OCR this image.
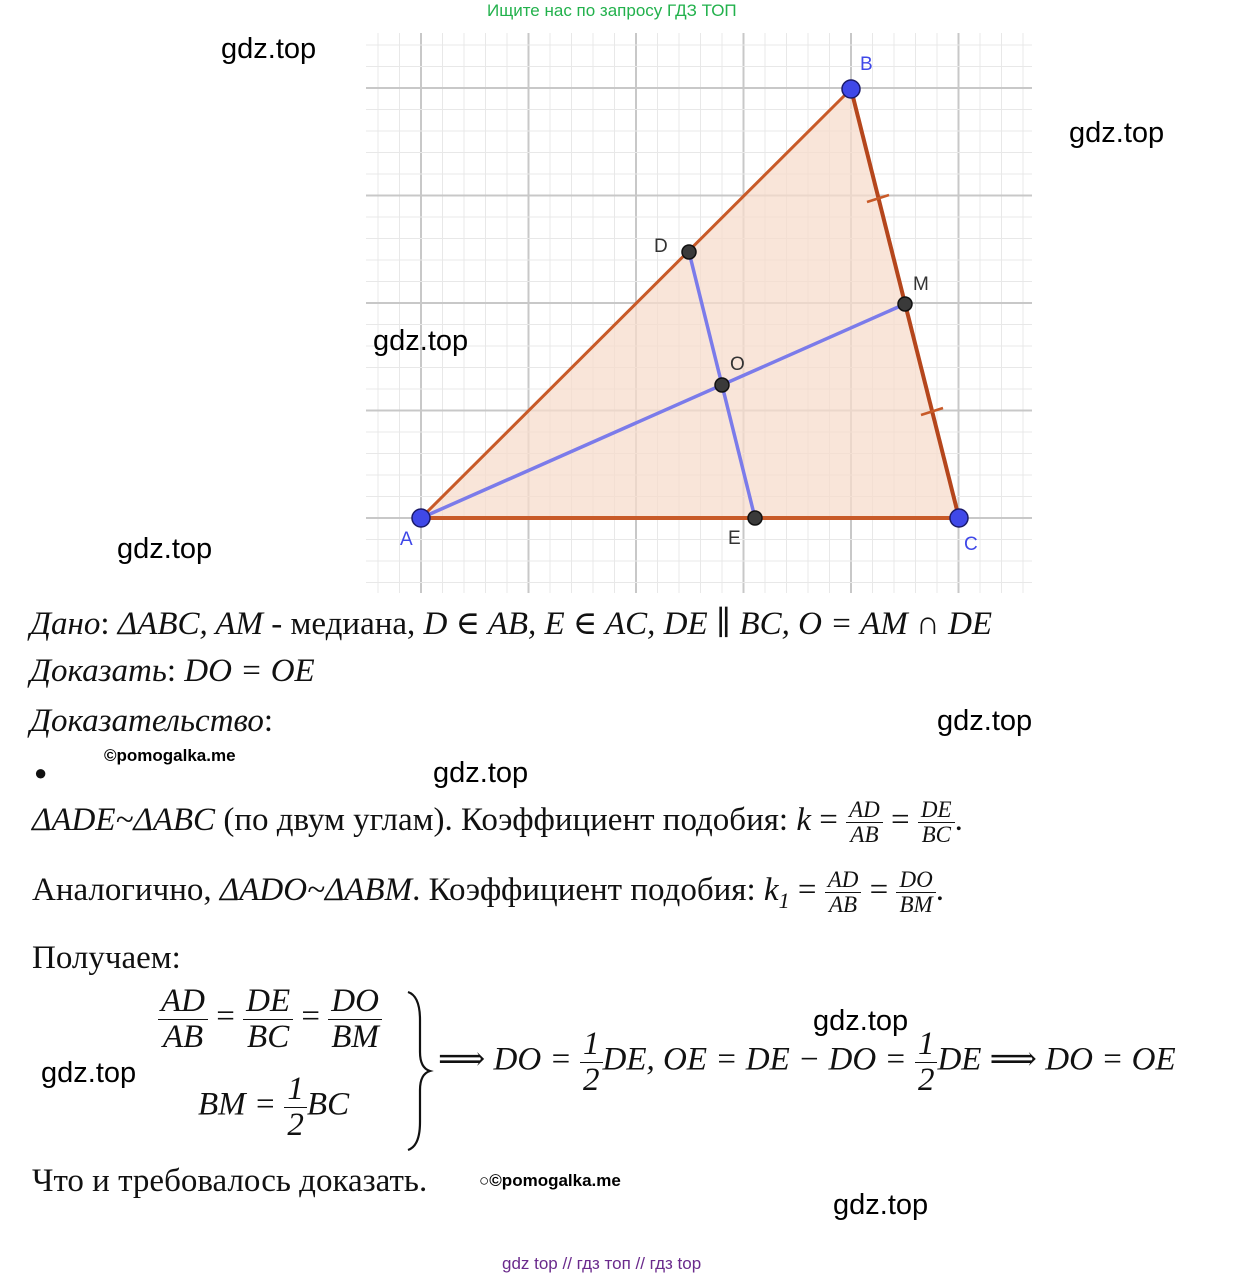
Ищите нас по запросу ГДЗ ТОП
A
B
C
D
E
M
O
gdz.top
gdz.top
gdz.top
gdz.top
gdz.top
gdz.top
gdz.top
gdz.top
gdz.top
©pomogalka.me
○©pomogalka.me
Дано: ΔABC, AM - медиана, D ∈ AB, E ∈ AC, DE ∥ BC, O = AM ∩ DE
Доказать: DO = OE
Доказательство:
●
ΔADE~ΔABC (по двум углам). Коэффициент подобия: $k = \frac{AD}{AB} = \frac{DE}{BC}$ .
Аналогично, ΔADO~ΔABM. Коэффициент подобия: $k_1 = \frac{AD}{AB} = \frac{DO}{BM}$ .
Получаем:
$\frac{AD}{AB} = \frac{DE}{BC} = \frac{DO}{BM}$
BM = $\frac{1}{2}$ BC
⟹ DO = $\frac{1}{2}$ DE, OE = DE − DO = $\frac{1}{2}$ DE ⟹ DO = OE
Что и требовалось доказать.
gdz top // гдз топ // гдз top
